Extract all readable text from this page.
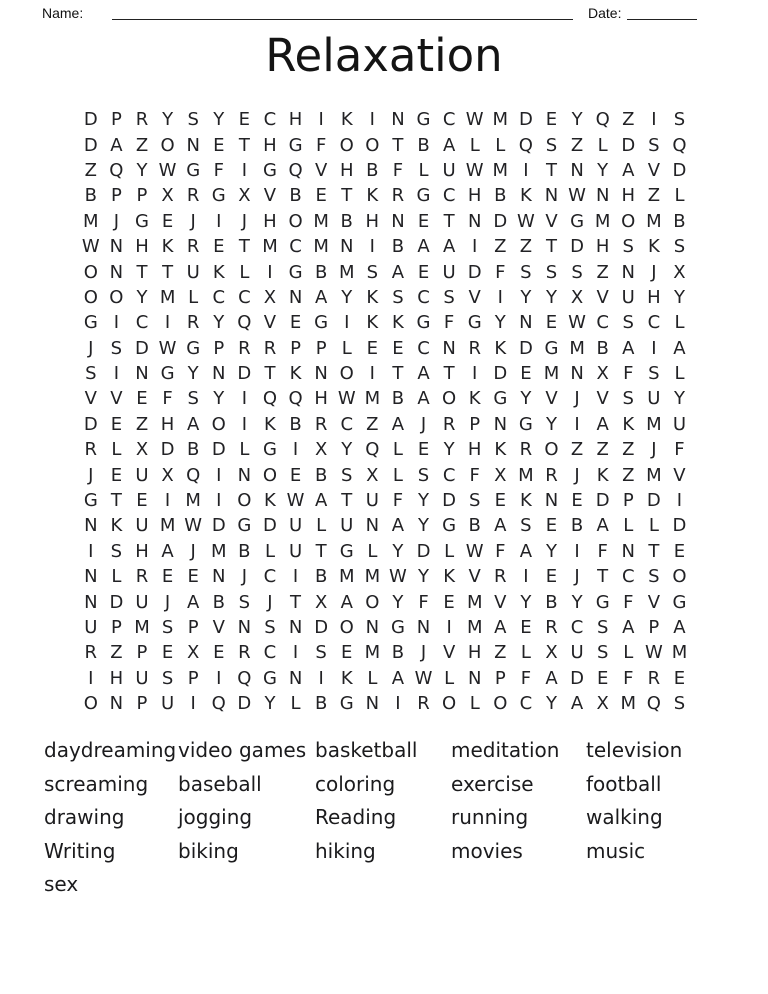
Name:	Date:
Relaxation
D P R Y S Y E C H I K I N G C W M D E Y Q Z I S
D A Z O N E T H G F O O T B A L L Q S Z L D S Q
Z Q Y W G F I G Q V H B F L U W M I T N Y A V D
B P P X R G X V B E T K R G C H B K N W N H Z L
M J G E J	I	J H O M B H N E T N D W V G M O M B
W N H K R E T M C M N I B A A I Z Z T D H S K S
O N T T U K L I G B M S A E U D F S S S Z N J X
O O Y M L C C X N A Y K S C S V I Y Y X V U H Y
G I C I R Y Q V E G I K K G F G Y N E W C S C L
J S D W G P R R P P L E E C N R K D G M B A I A
S I N G Y N D T K N O I T A T I D E M N X F S L
V V E F S Y I Q Q H W M B A O K G Y V J V S U Y
D E Z H A O I K B R C Z A J R P N G Y I A K M U
R L X D B D L G I X Y Q L E Y H K R O Z Z Z J F
J E U X Q I N O E B S X L S C F X M R J K Z M V
G T E I M I O K W A T U F Y D S E K N E D P D I
N K U M W D G D U L U N A Y G B A S E B A L L D
I S H A J M B L U T G L Y D L W F A Y I F N T E
N L R E E N J C I B M M W Y K V R I E J T C S O
N D U J A B S J T X A O Y F E M V Y B Y G F V G
U P M S P V N S N D O N G N I M A E R C S A P A
R Z P E X E R C I S E M B J V H Z L X U S L W M
I H U S P I Q G N I K L A W L N P F A D E F R E
O N P U I Q D Y L B G N I R O L O C Y A X M Q S
daydreaming
screaming
drawing
Writing
sex
video games
baseball
jogging
biking
basketball
coloring
Reading
hiking
meditation
exercise
running
movies
television
football
walking
music
